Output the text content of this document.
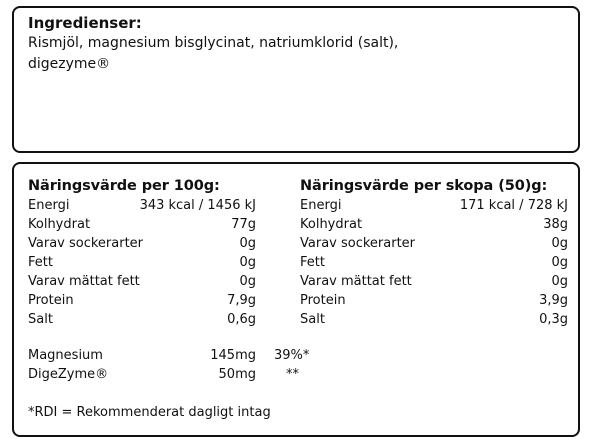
Ingredienser:
Rismjöl, magnesium bisglycinat, natriumklorid (salt),
digezyme®
Näringsvärde per 100g:
Energi	343 kcal / 1456 kJ
Kolhydrat	77g
Varav sockerarter	0g
Fett	0g
Varav mättat fett	0g
Protein	7,9g
Salt	0,6g
Näringsvärde per skopa (50)g:
Energi	171 kcal / 728 kJ
Kolhydrat	38g
Varav sockerarter	0g
Fett	0g
Varav mättat fett	0g
Protein	3,9g
Salt	0,3g
Magnesium	145mg 39%*
DigeZyme®	50mg **
*RDI = Rekommenderat dagligt intag
